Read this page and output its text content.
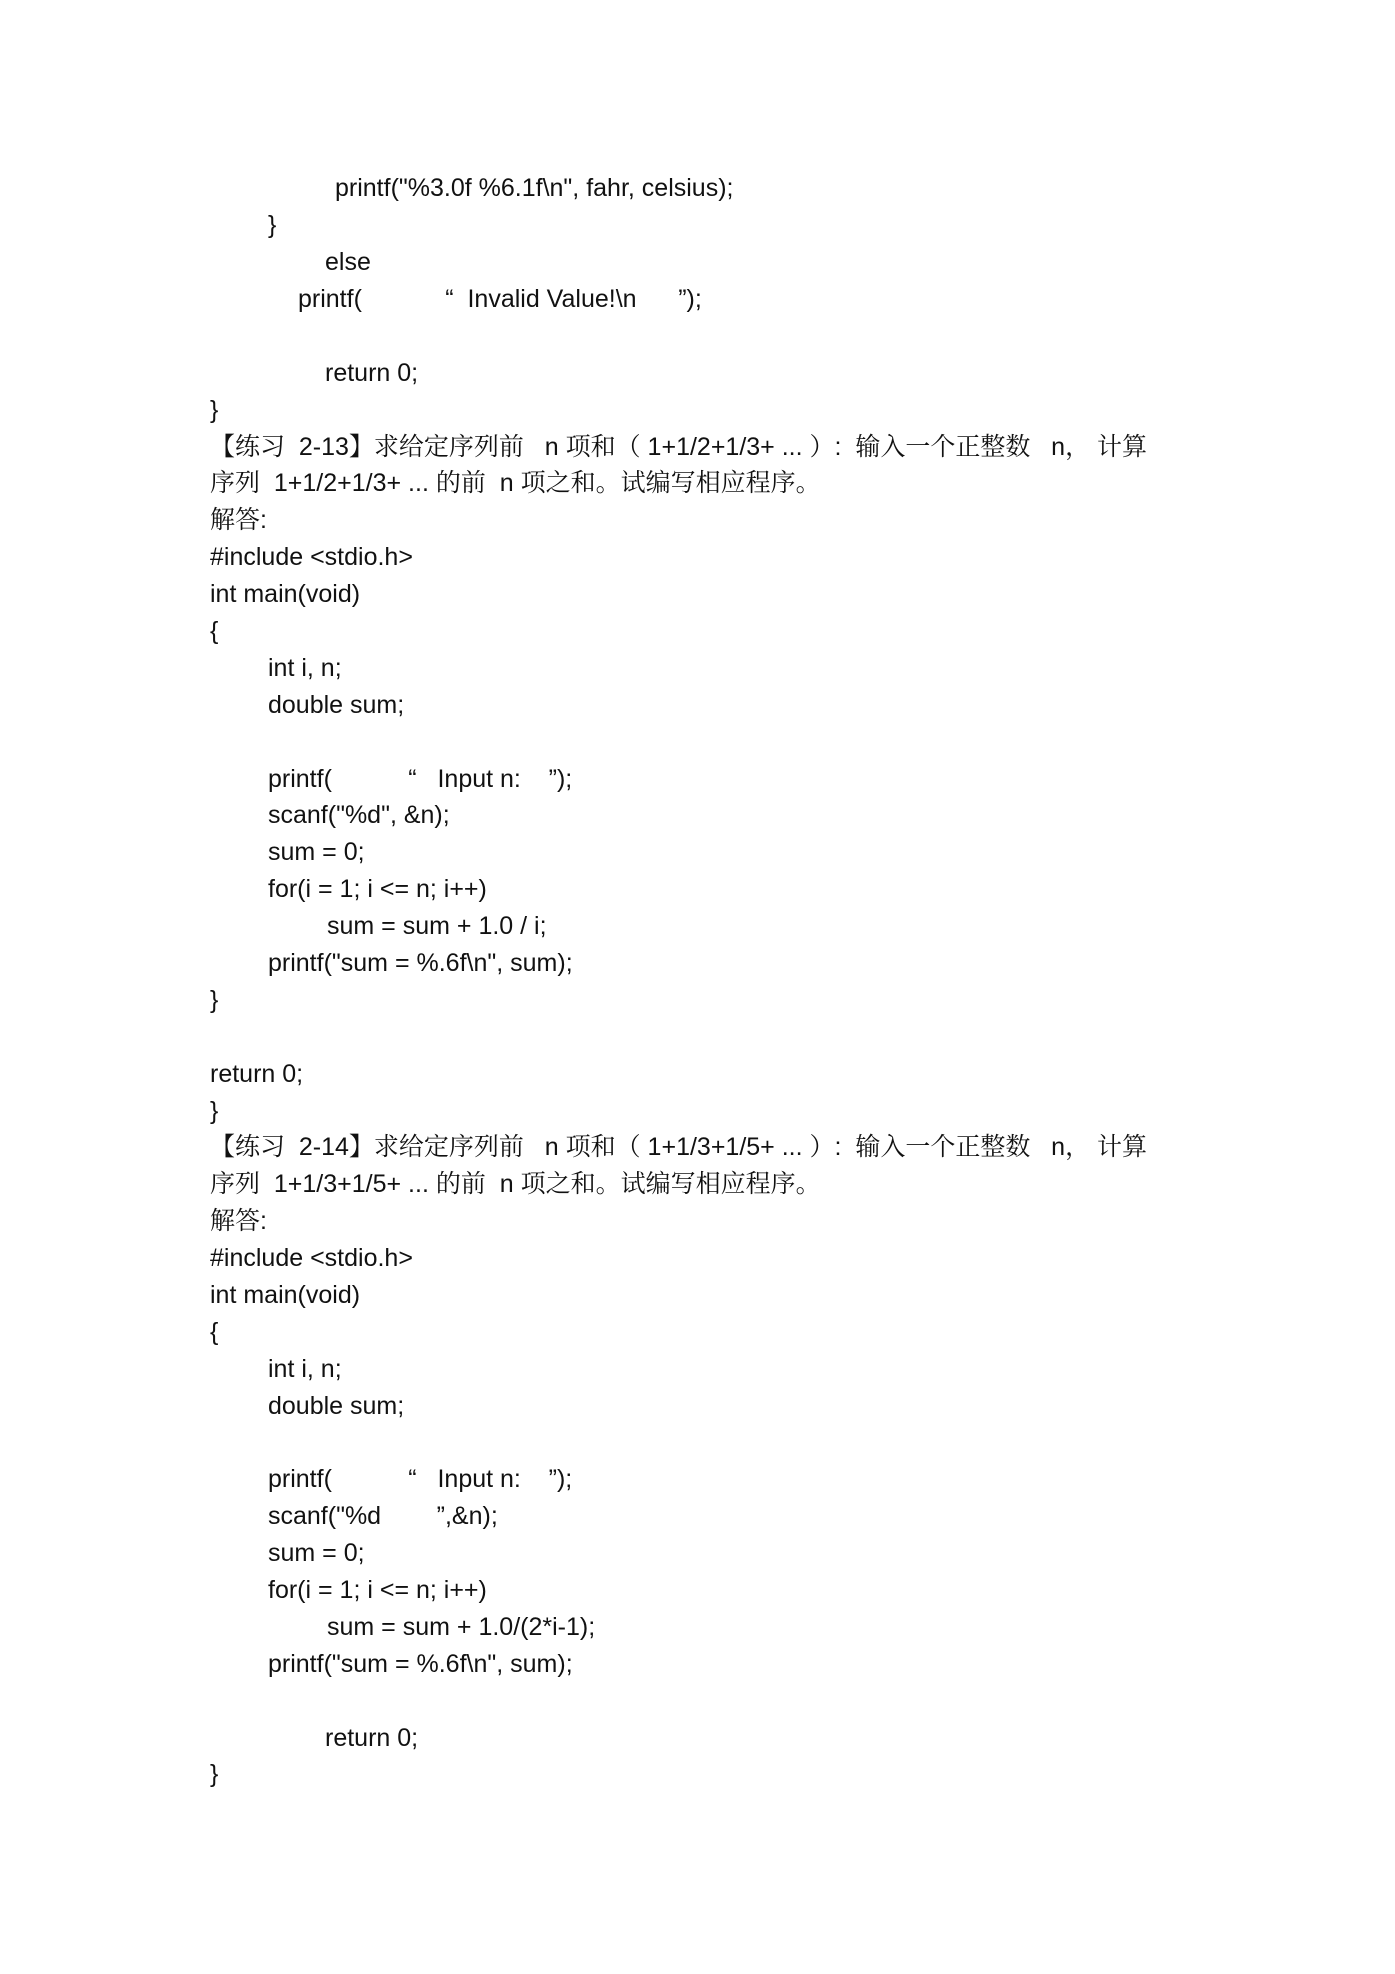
printf("%3.0f %6.1f\n", fahr, celsius);
}
else
printf(            “  Invalid Value!\n      ”);
return 0;
}
【练习  2-13】求给定序列前   n 项和（ 1+1/2+1/3+ ... ）:  输入一个正整数   n， 计算
序列  1+1/2+1/3+ ... 的前  n 项之和。试编写相应程序。
解答:
#include <stdio.h>
int main(void)
{
int i, n;
double sum;
printf(           “   Input n:    ”);
scanf("%d", &n);
sum = 0;
for(i = 1; i <= n; i++)
sum = sum + 1.0 / i;
printf("sum = %.6f\n", sum);
}
return 0;
}
【练习  2-14】求给定序列前   n 项和（ 1+1/3+1/5+ ... ）:  输入一个正整数   n， 计算
序列  1+1/3+1/5+ ... 的前  n 项之和。试编写相应程序。
解答:
#include <stdio.h>
int main(void)
{
int i, n;
double sum;
printf(           “   Input n:    ”);
scanf("%d        ”,&n);
sum = 0;
for(i = 1; i <= n; i++)
sum = sum + 1.0/(2*i-1);
printf("sum = %.6f\n", sum);
return 0;
}
